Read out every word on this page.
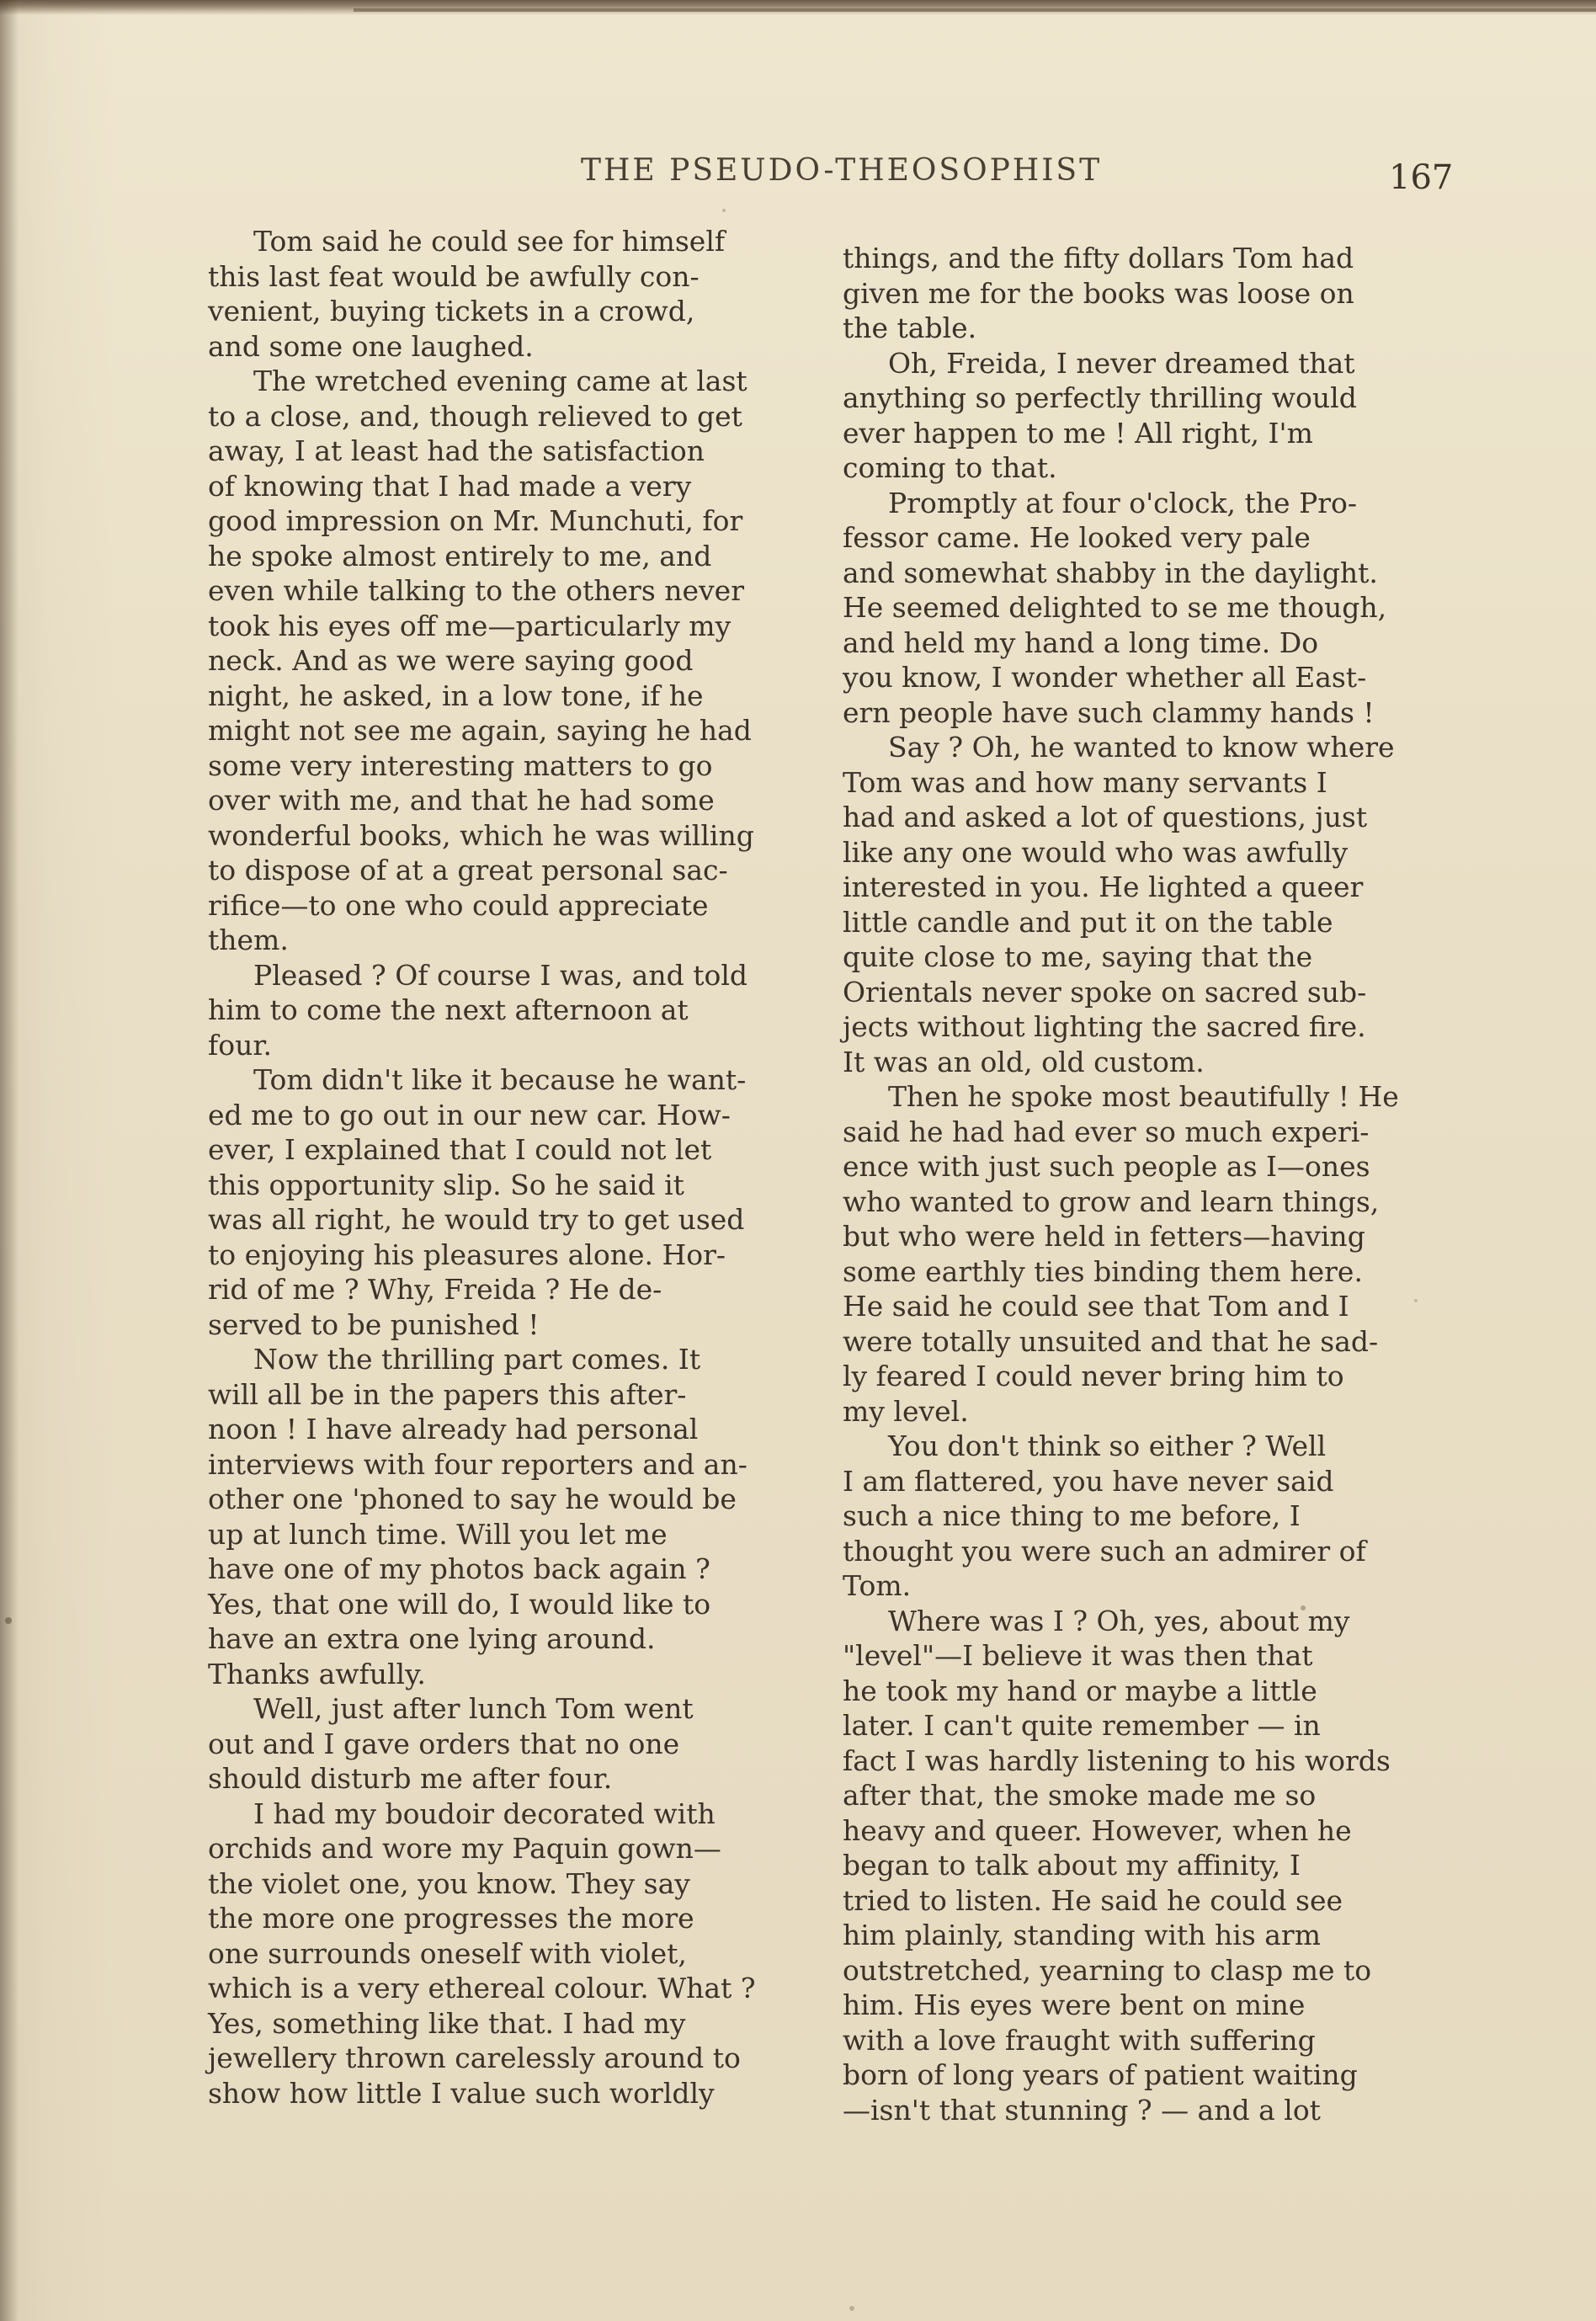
THE PSEUDO-THEOSOPHIST	167
Tom said he could see for himself
this last feat would be awfully con-
venient, buying tickets in a crowd,
and some one laughed.
The wretched evening came at last
to a close, and, though relieved to get
away, I at least had the satisfaction
of knowing that I had made a very
good impression on Mr. Munchuti, for
he spoke almost entirely to me, and
even while talking to the others never
took his eyes off me—particularly my
neck. And as we were saying good
night, he asked, in a low tone, if he
might not see me again, saying he had
some very interesting matters to go
over with me, and that he had some
wonderful books, which he was willing
to dispose of at a great personal sac-
rifice—to one who could appreciate
them.
Pleased ? Of course I was, and told
him to come the next afternoon at
four.
Tom didn't like it because he want-
ed me to go out in our new car. How-
ever, I explained that I could not let
this opportunity slip. So he said it
was all right, he would try to get used
to enjoying his pleasures alone. Hor-
rid of me ? Why, Freida ? He de-
served to be punished !
Now the thrilling part comes. It
will all be in the papers this after-
noon ! I have already had personal
interviews with four reporters and an-
other one 'phoned to say he would be
up at lunch time. Will you let me
have one of my photos back again ?
Yes, that one will do, I would like to
have an extra one lying around.
Thanks awfully.
Well, just after lunch Tom went
out and I gave orders that no one
should disturb me after four.
I had my boudoir decorated with
orchids and wore my Paquin gown—
the violet one, you know. They say
the more one progresses the more
one surrounds oneself with violet,
which is a very ethereal colour. What ?
Yes, something like that. I had my
jewellery thrown carelessly around to
show how little I value such worldly
things, and the fifty dollars Tom had
given me for the books was loose on
the table.
Oh, Freida, I never dreamed that
anything so perfectly thrilling would
ever happen to me ! All right, I'm
coming to that.
Promptly at four o'clock, the Pro-
fessor came. He looked very pale
and somewhat shabby in the daylight.
He seemed delighted to se me though,
and held my hand a long time. Do
you know, I wonder whether all East-
ern people have such clammy hands !
Say ? Oh, he wanted to know where
Tom was and how many servants I
had and asked a lot of questions, just
like any one would who was awfully
interested in you. He lighted a queer
little candle and put it on the table
quite close to me, saying that the
Orientals never spoke on sacred sub-
jects without lighting the sacred fire.
It was an old, old custom.
Then he spoke most beautifully ! He
said he had had ever so much experi-
ence with just such people as I—ones
who wanted to grow and learn things,
but who were held in fetters—having
some earthly ties binding them here.
He said he could see that Tom and I
were totally unsuited and that he sad-
ly feared I could never bring him to
my level.
You don't think so either ? Well
I am flattered, you have never said
such a nice thing to me before, I
thought you were such an admirer of
Tom.
Where was I ? Oh, yes, about my
"level"—I believe it was then that
he took my hand or maybe a little
later. I can't quite remember — in
fact I was hardly listening to his words
after that, the smoke made me so
heavy and queer. However, when he
began to talk about my affinity, I
tried to listen. He said he could see
him plainly, standing with his arm
outstretched, yearning to clasp me to
him. His eyes were bent on mine
with a love fraught with suffering
born of long years of patient waiting
—isn't that stunning ? — and a lot
